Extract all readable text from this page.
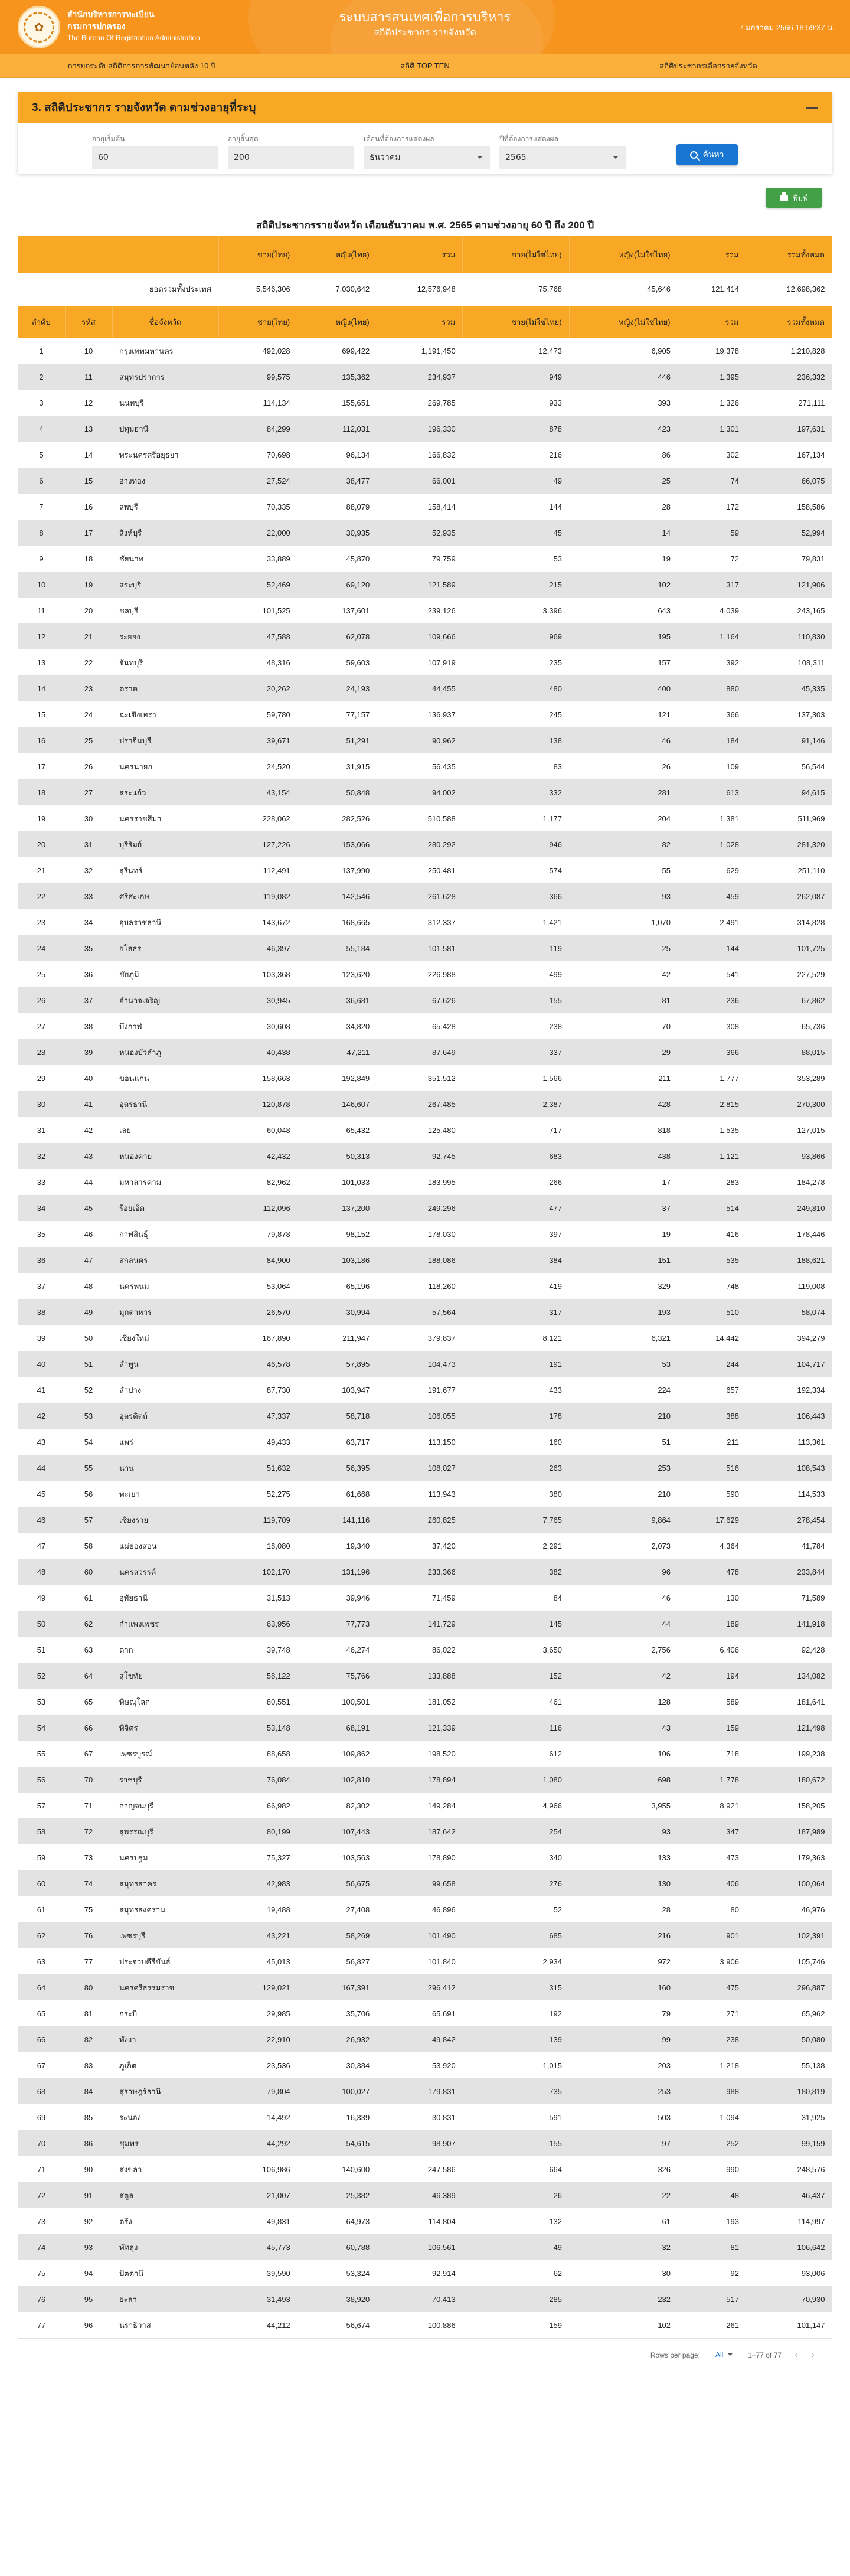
✿
สำนักบริหารการทะเบียน
กรมการปกครอง
The Bureau Of Registration Administration
ระบบสารสนเทศเพื่อการบริหาร
สถิติประชากร รายจังหวัด
7 มกราคม 2566 18:59:37 น.
การยกระดับสถิติการการพัฒนาย้อนหลัง 10 ปี	สถิติ TOP TEN	สถิติประชากรเลือกรายจังหวัด
3. สถิติประชากร รายจังหวัด ตามช่วงอายุที่ระบุ
อายุเริ่มต้น
60
อายุสิ้นสุด
200
เดือนที่ต้องการแสดงผล
ธันวาคม
ปีที่ต้องการแสดงผล
2565	ค้นหา
พิมพ์
สถิติประชากรรายจังหวัด เดือนธันวาคม พ.ศ. 2565 ตามช่วงอายุ 60 ปี ถึง 200 ปี
			ชาย(ไทย)	หญิง(ไทย)	รวม	ชาย(ไม่ใช่ไทย)	หญิง(ไม่ใช่ไทย)	รวม	รวมทั้งหมด
ยอดรวมทั้งประเทศ			5,546,306	7,030,642	12,576,948	75,768	45,646	121,414	12,698,362
ลำดับ	รหัส	ชื่อจังหวัด	ชาย(ไทย)	หญิง(ไทย)	รวม	ชาย(ไม่ใช่ไทย)	หญิง(ไม่ใช่ไทย)	รวม	รวมทั้งหมด
1	10	กรุงเทพมหานคร	492,028	699,422	1,191,450	12,473	6,905	19,378	1,210,828
2	11	สมุทรปราการ	99,575	135,362	234,937	949	446	1,395	236,332
3	12	นนทบุรี	114,134	155,651	269,785	933	393	1,326	271,111
4	13	ปทุมธานี	84,299	112,031	196,330	878	423	1,301	197,631
5	14	พระนครศรีอยุธยา	70,698	96,134	166,832	216	86	302	167,134
6	15	อ่างทอง	27,524	38,477	66,001	49	25	74	66,075
7	16	ลพบุรี	70,335	88,079	158,414	144	28	172	158,586
8	17	สิงห์บุรี	22,000	30,935	52,935	45	14	59	52,994
9	18	ชัยนาท	33,889	45,870	79,759	53	19	72	79,831
10	19	สระบุรี	52,469	69,120	121,589	215	102	317	121,906
11	20	ชลบุรี	101,525	137,601	239,126	3,396	643	4,039	243,165
12	21	ระยอง	47,588	62,078	109,666	969	195	1,164	110,830
13	22	จันทบุรี	48,316	59,603	107,919	235	157	392	108,311
14	23	ตราด	20,262	24,193	44,455	480	400	880	45,335
15	24	ฉะเชิงเทรา	59,780	77,157	136,937	245	121	366	137,303
16	25	ปราจีนบุรี	39,671	51,291	90,962	138	46	184	91,146
17	26	นครนายก	24,520	31,915	56,435	83	26	109	56,544
18	27	สระแก้ว	43,154	50,848	94,002	332	281	613	94,615
19	30	นครราชสีมา	228,062	282,526	510,588	1,177	204	1,381	511,969
20	31	บุรีรัมย์	127,226	153,066	280,292	946	82	1,028	281,320
21	32	สุรินทร์	112,491	137,990	250,481	574	55	629	251,110
22	33	ศรีสะเกษ	119,082	142,546	261,628	366	93	459	262,087
23	34	อุบลราชธานี	143,672	168,665	312,337	1,421	1,070	2,491	314,828
24	35	ยโสธร	46,397	55,184	101,581	119	25	144	101,725
25	36	ชัยภูมิ	103,368	123,620	226,988	499	42	541	227,529
26	37	อำนาจเจริญ	30,945	36,681	67,626	155	81	236	67,862
27	38	บึงกาฬ	30,608	34,820	65,428	238	70	308	65,736
28	39	หนองบัวลำภู	40,438	47,211	87,649	337	29	366	88,015
29	40	ขอนแก่น	158,663	192,849	351,512	1,566	211	1,777	353,289
30	41	อุดรธานี	120,878	146,607	267,485	2,387	428	2,815	270,300
31	42	เลย	60,048	65,432	125,480	717	818	1,535	127,015
32	43	หนองคาย	42,432	50,313	92,745	683	438	1,121	93,866
33	44	มหาสารคาม	82,962	101,033	183,995	266	17	283	184,278
34	45	ร้อยเอ็ด	112,096	137,200	249,296	477	37	514	249,810
35	46	กาฬสินธุ์	79,878	98,152	178,030	397	19	416	178,446
36	47	สกลนคร	84,900	103,186	188,086	384	151	535	188,621
37	48	นครพนม	53,064	65,196	118,260	419	329	748	119,008
38	49	มุกดาหาร	26,570	30,994	57,564	317	193	510	58,074
39	50	เชียงใหม่	167,890	211,947	379,837	8,121	6,321	14,442	394,279
40	51	ลำพูน	46,578	57,895	104,473	191	53	244	104,717
41	52	ลำปาง	87,730	103,947	191,677	433	224	657	192,334
42	53	อุตรดิตถ์	47,337	58,718	106,055	178	210	388	106,443
43	54	แพร่	49,433	63,717	113,150	160	51	211	113,361
44	55	น่าน	51,632	56,395	108,027	263	253	516	108,543
45	56	พะเยา	52,275	61,668	113,943	380	210	590	114,533
46	57	เชียงราย	119,709	141,116	260,825	7,765	9,864	17,629	278,454
47	58	แม่ฮ่องสอน	18,080	19,340	37,420	2,291	2,073	4,364	41,784
48	60	นครสวรรค์	102,170	131,196	233,366	382	96	478	233,844
49	61	อุทัยธานี	31,513	39,946	71,459	84	46	130	71,589
50	62	กำแพงเพชร	63,956	77,773	141,729	145	44	189	141,918
51	63	ตาก	39,748	46,274	86,022	3,650	2,756	6,406	92,428
52	64	สุโขทัย	58,122	75,766	133,888	152	42	194	134,082
53	65	พิษณุโลก	80,551	100,501	181,052	461	128	589	181,641
54	66	พิจิตร	53,148	68,191	121,339	116	43	159	121,498
55	67	เพชรบูรณ์	88,658	109,862	198,520	612	106	718	199,238
56	70	ราชบุรี	76,084	102,810	178,894	1,080	698	1,778	180,672
57	71	กาญจนบุรี	66,982	82,302	149,284	4,966	3,955	8,921	158,205
58	72	สุพรรณบุรี	80,199	107,443	187,642	254	93	347	187,989
59	73	นครปฐม	75,327	103,563	178,890	340	133	473	179,363
60	74	สมุทรสาคร	42,983	56,675	99,658	276	130	406	100,064
61	75	สมุทรสงคราม	19,488	27,408	46,896	52	28	80	46,976
62	76	เพชรบุรี	43,221	58,269	101,490	685	216	901	102,391
63	77	ประจวบคีรีขันธ์	45,013	56,827	101,840	2,934	972	3,906	105,746
64	80	นครศรีธรรมราช	129,021	167,391	296,412	315	160	475	296,887
65	81	กระบี่	29,985	35,706	65,691	192	79	271	65,962
66	82	พังงา	22,910	26,932	49,842	139	99	238	50,080
67	83	ภูเก็ต	23,536	30,384	53,920	1,015	203	1,218	55,138
68	84	สุราษฎร์ธานี	79,804	100,027	179,831	735	253	988	180,819
69	85	ระนอง	14,492	16,339	30,831	591	503	1,094	31,925
70	86	ชุมพร	44,292	54,615	98,907	155	97	252	99,159
71	90	สงขลา	106,986	140,600	247,586	664	326	990	248,576
72	91	สตูล	21,007	25,382	46,389	26	22	48	46,437
73	92	ตรัง	49,831	64,973	114,804	132	61	193	114,997
74	93	พัทลุง	45,773	60,788	106,561	49	32	81	106,642
75	94	ปัตตานี	39,590	53,324	92,914	62	30	92	93,006
76	95	ยะลา	31,493	38,920	70,413	285	232	517	70,930
77	96	นราธิวาส	44,212	56,674	100,886	159	102	261	101,147
Rows per page: All	1–77 of 77 ‹ ›
